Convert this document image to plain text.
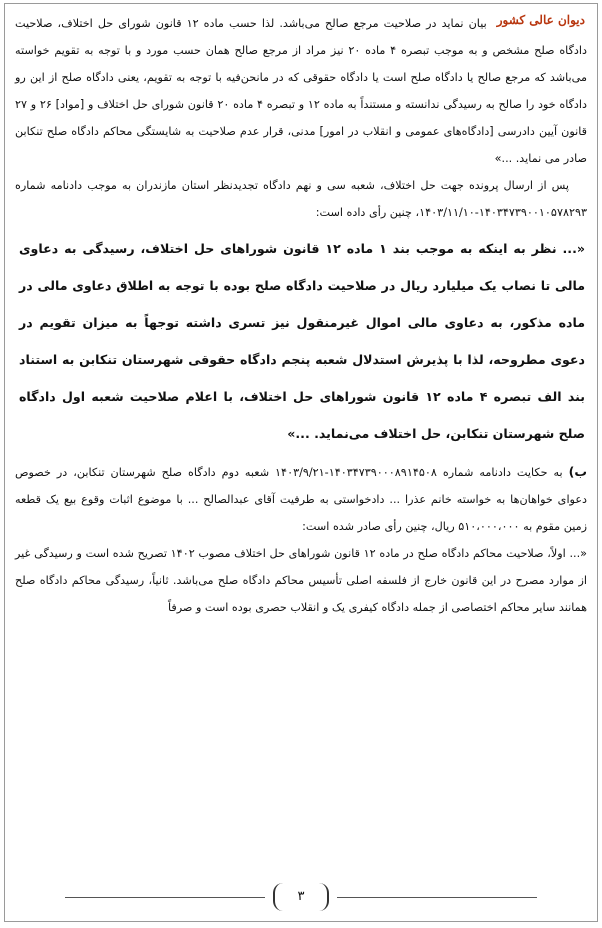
دیوان عالی کشور

بیان نماید در صلاحیت مرجع صالح می‌باشد. لذا حسب ماده ۱۲ قانون شورای حل اختلاف، صلاحیت دادگاه صلح مشخص و به موجب تبصره ۴ ماده ۲۰ نیز مراد از مرجع صالح همان حسب مورد و با توجه به تقویم خواسته می‌باشد که مرجع صالح یا دادگاه صلح است یا دادگاه حقوقی که در مانحن‌فیه با توجه به تقویم، یعنی دادگاه صلح از این رو دادگاه خود را صالح به رسیدگی ندانسته و مستنداً به ماده ۱۲ و تبصره ۴ ماده ۲۰ قانون شورای حل اختلاف و [مواد] ۲۶ و ۲۷ قانون آیین دادرسی [دادگاه‌های عمومی و انقلاب در امور] مدنی، قرار عدم صلاحیت به شایستگی محاکم دادگاه صلح تنکابن صادر می نماید. ...»

پس از ارسال پرونده جهت حل اختلاف، شعبه سی و نهم دادگاه تجدیدنظر استان مازندران به موجب دادنامه شماره ۱۴۰۳۴۷۳۹۰۰۱۰۵۷۸۲۹۳-۱۴۰۳/۱۱/۱۰، چنین رأی داده است:

«... نظر به اینکه به موجب بند ۱ ماده ۱۲ قانون شوراهای حل اختلاف، رسیدگی به دعاوی مالی تا نصاب یک میلیارد ریال در صلاحیت دادگاه صلح بوده با توجه به اطلاق دعاوی مالی در ماده مذکور، به دعاوی مالی اموال غیرمنقول نیز تسری داشته توجهاً به میزان تقویم در دعوی مطروحه، لذا با پذیرش استدلال شعبه پنجم دادگاه حقوقی شهرستان تنکابن به استناد بند الف تبصره ۴ ماده ۱۲ قانون شوراهای حل اختلاف، با اعلام صلاحیت شعبه اول دادگاه صلح شهرستان تنکابن، حل اختلاف می‌نماید. ...»

ب) به حکایت دادنامه شماره ۱۴۰۳۴۷۳۹۰۰۰۸۹۱۴۵۰۸-۱۴۰۳/۹/۲۱ شعبه دوم دادگاه صلح شهرستان تنکابن، در خصوص دعوای خواهان‌ها به خواسته خانم عذرا ... دادخواستی به طرفیت آقای عبدالصالح ... با موضوع اثبات وقوع بیع یک قطعه زمین مقوم به ۵۱۰،۰۰۰،۰۰۰ ریال، چنین رأی صادر شده است:

«... اولاً، صلاحیت محاکم دادگاه صلح در ماده ۱۲ قانون شوراهای حل اختلاف مصوب ۱۴۰۲ تصریح شده است و رسیدگی غیر از موارد مصرح در این قانون خارج از فلسفه اصلی تأسیس محاکم دادگاه صلح می‌باشد. ثانیاً، رسیدگی محاکم دادگاه صلح همانند سایر محاکم اختصاصی از جمله دادگاه کیفری یک و انقلاب حصری بوده است و صرفاً

۳
